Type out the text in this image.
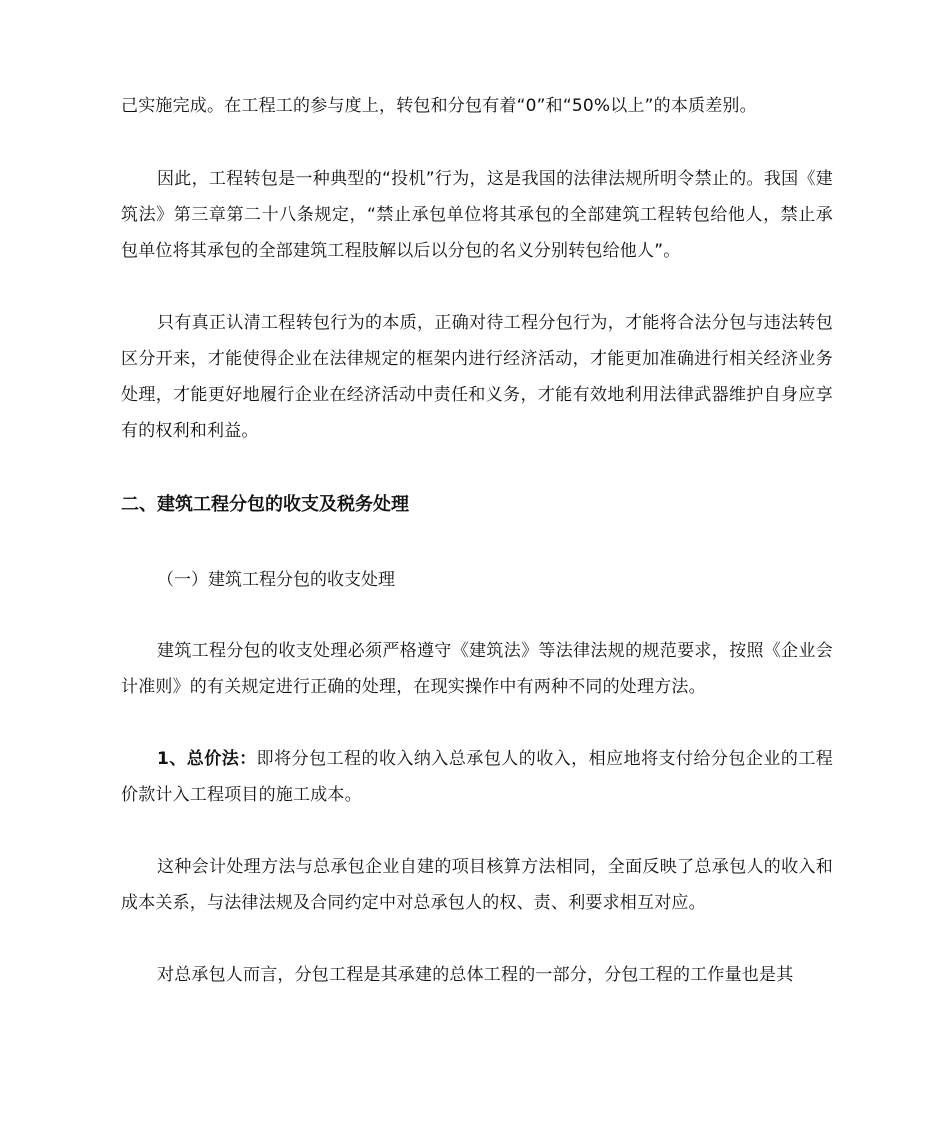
己实施完成。在工程工的参与度上，转包和分包有着“0”和“50%以上”的本质差别。

因此，工程转包是一种典型的“投机”行为，这是我国的法律法规所明令禁止的。我国《建筑法》第三章第二十八条规定，“禁止承包单位将其承包的全部建筑工程转包给他人，禁止承包单位将其承包的全部建筑工程肢解以后以分包的名义分别转包给他人”。

只有真正认清工程转包行为的本质，正确对待工程分包行为，才能将合法分包与违法转包区分开来，才能使得企业在法律规定的框架内进行经济活动，才能更加准确进行相关经济业务处理，才能更好地履行企业在经济活动中责任和义务，才能有效地利用法律武器维护自身应享有的权利和利益。

二、建筑工程分包的收支及税务处理

（一）建筑工程分包的收支处理

建筑工程分包的收支处理必须严格遵守《建筑法》等法律法规的规范要求，按照《企业会计准则》的有关规定进行正确的处理，在现实操作中有两种不同的处理方法。

1、总价法：即将分包工程的收入纳入总承包人的收入，相应地将支付给分包企业的工程价款计入工程项目的施工成本。

这种会计处理方法与总承包企业自建的项目核算方法相同，全面反映了总承包人的收入和成本关系，与法律法规及合同约定中对总承包人的权、责、利要求相互对应。

对总承包人而言，分包工程是其承建的总体工程的一部分，分包工程的工作量也是其
